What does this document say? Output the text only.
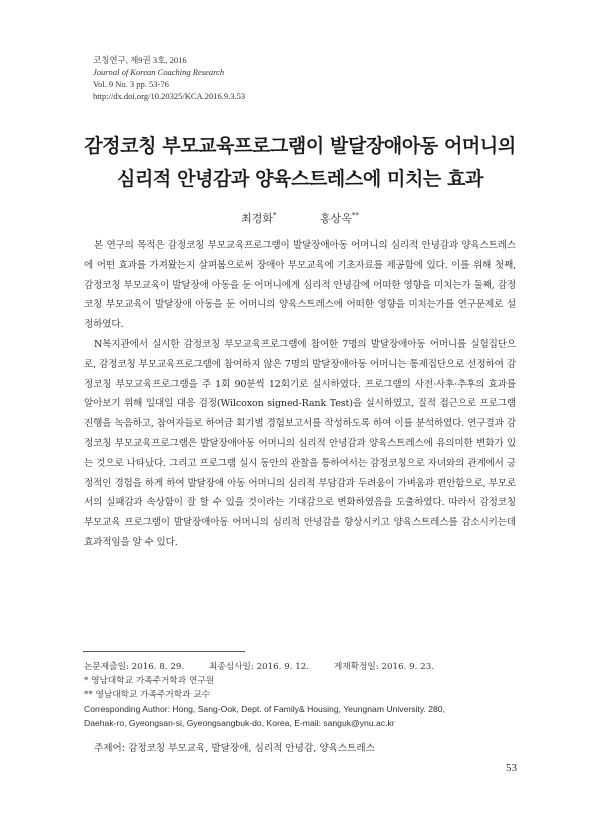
코칭연구, 제9권 3호, 2016
Journal of Korean Coaching Research
Vol. 9 No. 3 pp. 53-76
http://dx.doi.org/10.20325/KCA.2016.9.3.53
감정코칭 부모교육프로그램이 발달장애아동 어머니의
심리적 안녕감과 양육스트레스에 미치는 효과
최경화*	홍상옥**

본 연구의 목적은 감정코칭 부모교육프로그램이 발달장애아동 어머니의 심리적 안녕감과 양육스트레스에 어떤 효과를 가져왔는지 살펴봄으로써 장애아 부모교육에 기초자료를 제공함에 있다. 이를 위해 첫째, 감정코칭 부모교육이 발달장애 아동을 둔 어머니에게 심리적 안녕감에 어떠한 영향을 미치는가 둘째, 감정코칭 부모교육이 발달장애 아동을 둔 어머니의 양육스트레스에 어떠한 영향을 미치는가를 연구문제로 설정하였다.

N복지관에서 실시한 감정코칭 부모교육프로그램에 참여한 7명의 발달장애아동 어머니를 실험집단으로, 감정코칭 부모교육프로그램에 참여하지 않은 7명의 발달장애아동 어머니는 통제집단으로 선정하여 감정코칭 부모교육프로그램을 주 1회 90분씩 12회기로 실시하였다. 프로그램의 사전·사후·추후의 효과를 알아보기 위해 일대일 대응 검정(Wilcoxon signed-Rank Test)을 실시하였고, 질적 접근으로 프로그램 진행을 녹음하고, 참여자들로 하여금 회기별 경험보고서를 작성하도록 하여 이를 분석하였다. 연구결과 감정코칭 부모교육프로그램은 발달장애아동 어머니의 심리적 안녕감과 양육스트레스에 유의미한 변화가 있는 것으로 나타났다. 그리고 프로그램 실시 동안의 관찰을 통하여서는 감정코칭으로 자녀와의 관계에서 긍정적인 경험을 하게 하여 발달장애 아동 어머니의 심리적 부담감과 두려움이 가벼움과 편안함으로, 부모로서의 실패감과 속상함이 잘 할 수 있을 것이라는 기대감으로 변화하였음을 도출하였다. 따라서 감정코칭 부모교육 프로그램이 발달장애아동 어머니의 심리적 안녕감을 향상시키고 양육스트레스를 감소시키는데 효과적임을 알 수 있다.

주제어: 감정코칭 부모교육, 발달장애, 심리적 안녕감, 양육스트레스
논문제출일: 2016. 8. 29.	최종심사일: 2016. 9. 12.	게재확정일: 2016. 9. 23.
* 영남대학교 가족주거학과 연구원
** 영남대학교 가족주거학과 교수
Corresponding Author: Hong, Sang-Ook, Dept. of Family& Housing, Yeungnam University. 280,
Daehak-ro, Gyeongsan-si, Gyeongsangbuk-do, Korea, E-mail: sanguk@ynu.ac.kr
53
